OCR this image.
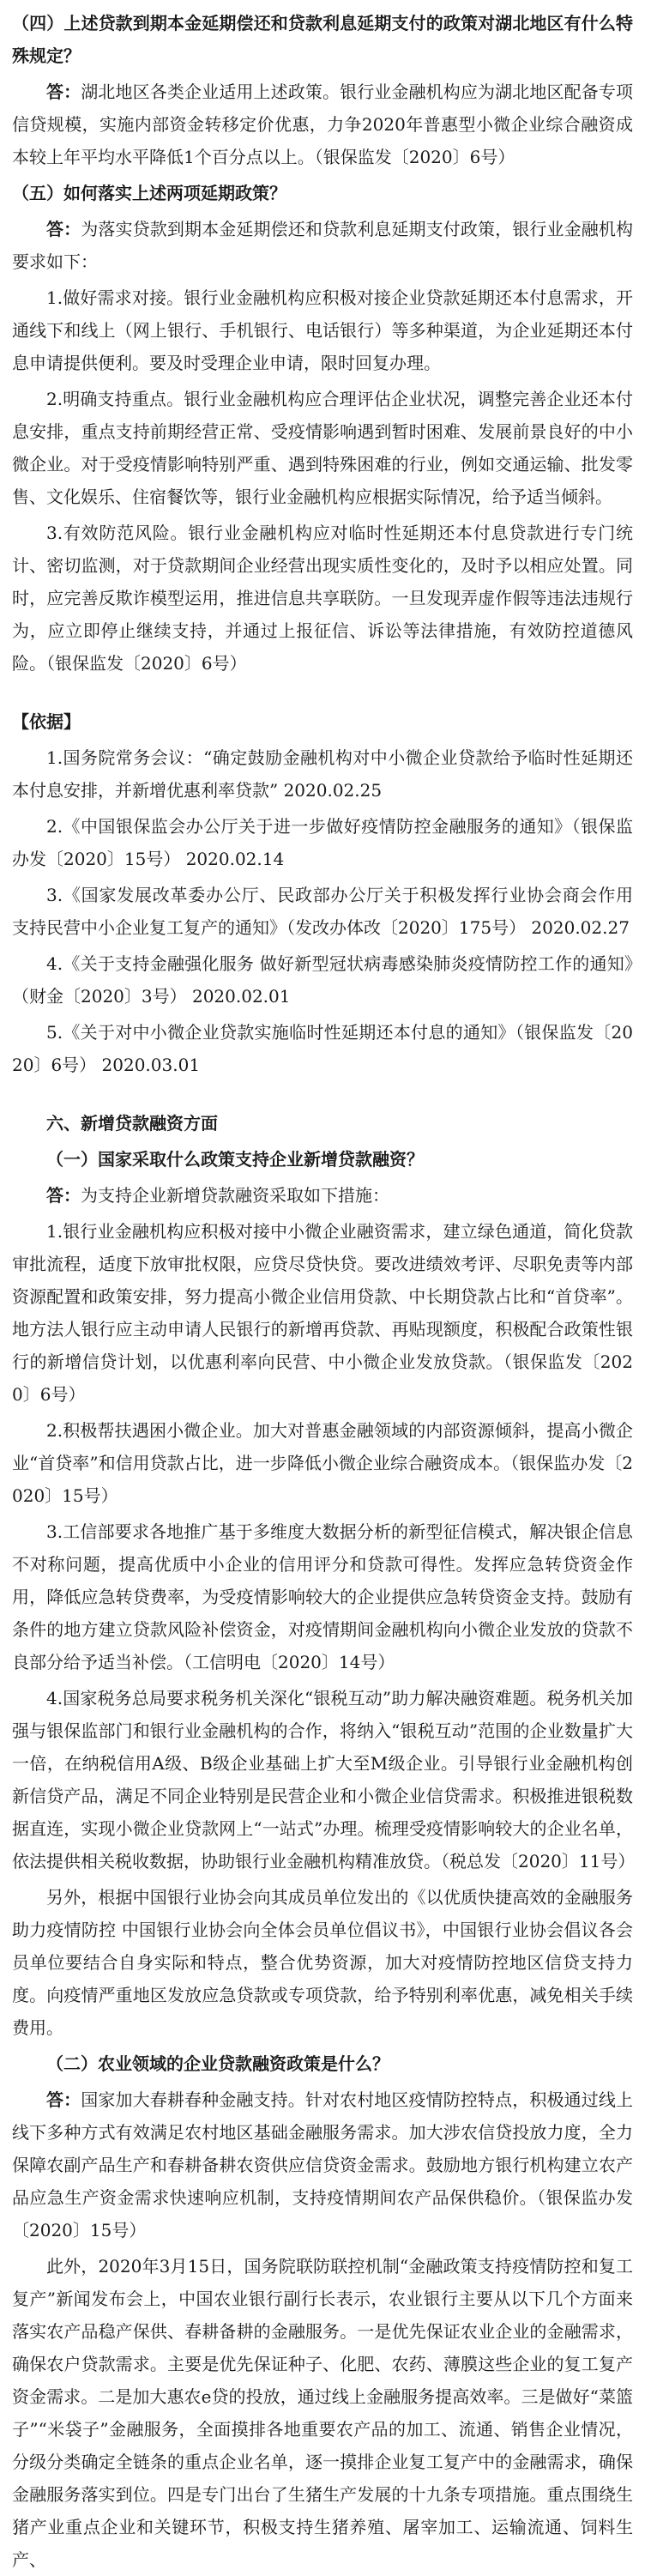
（四）上述贷款到期本金延期偿还和贷款利息延期支付的政策对湖北地区有什么特殊规定？

答：湖北地区各类企业适用上述政策。银行业金融机构应为湖北地区配备专项信贷规模，实施内部资金转移定价优惠，力争2020年普惠型小微企业综合融资成本较上年平均水平降低1个百分点以上。（银保监发〔2020〕6号）

（五）如何落实上述两项延期政策？

答：为落实贷款到期本金延期偿还和贷款利息延期支付政策，银行业金融机构要求如下：

1.做好需求对接。银行业金融机构应积极对接企业贷款延期还本付息需求，开通线下和线上（网上银行、手机银行、电话银行）等多种渠道，为企业延期还本付息申请提供便利。要及时受理企业申请，限时回复办理。

2.明确支持重点。银行业金融机构应合理评估企业状况，调整完善企业还本付息安排，重点支持前期经营正常、受疫情影响遇到暂时困难、发展前景良好的中小微企业。对于受疫情影响特别严重、遇到特殊困难的行业，例如交通运输、批发零售、文化娱乐、住宿餐饮等，银行业金融机构应根据实际情况，给予适当倾斜。

3.有效防范风险。银行业金融机构应对临时性延期还本付息贷款进行专门统计、密切监测，对于贷款期间企业经营出现实质性变化的，及时予以相应处置。同时，应完善反欺诈模型运用，推进信息共享联防。一旦发现弄虚作假等违法违规行为，应立即停止继续支持，并通过上报征信、诉讼等法律措施，有效防控道德风险。（银保监发〔2020〕6号）

【依据】

1.国务院常务会议：“确定鼓励金融机构对中小微企业贷款给予临时性延期还本付息安排，并新增优惠利率贷款” 2020.02.25

2.《中国银保监会办公厅关于进一步做好疫情防控金融服务的通知》（银保监办发〔2020〕15号） 2020.02.14

3.《国家发展改革委办公厅、民政部办公厅关于积极发挥行业协会商会作用 支持民营中小企业复工复产的通知》（发改办体改〔2020〕175号） 2020.02.27

4.《关于支持金融强化服务 做好新型冠状病毒感染肺炎疫情防控工作的通知》（财金〔2020〕3号） 2020.02.01

5.《关于对中小微企业贷款实施临时性延期还本付息的通知》（银保监发〔2020〕6号） 2020.03.01

六、新增贷款融资方面

（一）国家采取什么政策支持企业新增贷款融资？

答：为支持企业新增贷款融资采取如下措施：

1.银行业金融机构应积极对接中小微企业融资需求，建立绿色通道，简化贷款审批流程，适度下放审批权限，应贷尽贷快贷。要改进绩效考评、尽职免责等内部资源配置和政策安排，努力提高小微企业信用贷款、中长期贷款占比和“首贷率”。地方法人银行应主动申请人民银行的新增再贷款、再贴现额度，积极配合政策性银行的新增信贷计划，以优惠利率向民营、中小微企业发放贷款。（银保监发〔2020〕6号）

2.积极帮扶遇困小微企业。加大对普惠金融领域的内部资源倾斜，提高小微企业“首贷率”和信用贷款占比，进一步降低小微企业综合融资成本。（银保监办发〔2020〕15号）

3.工信部要求各地推广基于多维度大数据分析的新型征信模式，解决银企信息不对称问题，提高优质中小企业的信用评分和贷款可得性。发挥应急转贷资金作用，降低应急转贷费率，为受疫情影响较大的企业提供应急转贷资金支持。鼓励有条件的地方建立贷款风险补偿资金，对疫情期间金融机构向小微企业发放的贷款不良部分给予适当补偿。（工信明电〔2020〕14号）

4.国家税务总局要求税务机关深化“银税互动”助力解决融资难题。税务机关加强与银保监部门和银行业金融机构的合作，将纳入“银税互动”范围的企业数量扩大一倍，在纳税信用A级、B级企业基础上扩大至M级企业。引导银行业金融机构创新信贷产品，满足不同企业特别是民营企业和小微企业信贷需求。积极推进银税数据直连，实现小微企业贷款网上“一站式”办理。梳理受疫情影响较大的企业名单，依法提供相关税收数据，协助银行业金融机构精准放贷。（税总发〔2020〕11号）

另外，根据中国银行业协会向其成员单位发出的《以优质快捷高效的金融服务助力疫情防控 中国银行业协会向全体会员单位倡议书》，中国银行业协会倡议各会员单位要结合自身实际和特点，整合优势资源，加大对疫情防控地区信贷支持力度。向疫情严重地区发放应急贷款或专项贷款，给予特别利率优惠，减免相关手续费用。

（二）农业领域的企业贷款融资政策是什么？

答：国家加大春耕春种金融支持。针对农村地区疫情防控特点，积极通过线上线下多种方式有效满足农村地区基础金融服务需求。加大涉农信贷投放力度，全力保障农副产品生产和春耕备耕农资供应信贷资金需求。鼓励地方银行机构建立农产品应急生产资金需求快速响应机制，支持疫情期间农产品保供稳价。（银保监办发〔2020〕15号）

此外，2020年3月15日，国务院联防联控机制“金融政策支持疫情防控和复工复产”新闻发布会上，中国农业银行副行长表示，农业银行主要从以下几个方面来落实农产品稳产保供、春耕备耕的金融服务。一是优先保证农业企业的金融需求，确保农户贷款需求。主要是优先保证种子、化肥、农药、薄膜这些企业的复工复产资金需求。二是加大惠农e贷的投放，通过线上金融服务提高效率。三是做好“菜篮子”“米袋子”金融服务，全面摸排各地重要农产品的加工、流通、销售企业情况，分级分类确定全链条的重点企业名单，逐一摸排企业复工复产中的金融需求，确保金融服务落实到位。四是专门出台了生猪生产发展的十九条专项措施。重点围绕生猪产业重点企业和关键环节，积极支持生猪养殖、屠宰加工、运输流通、饲料生产、
